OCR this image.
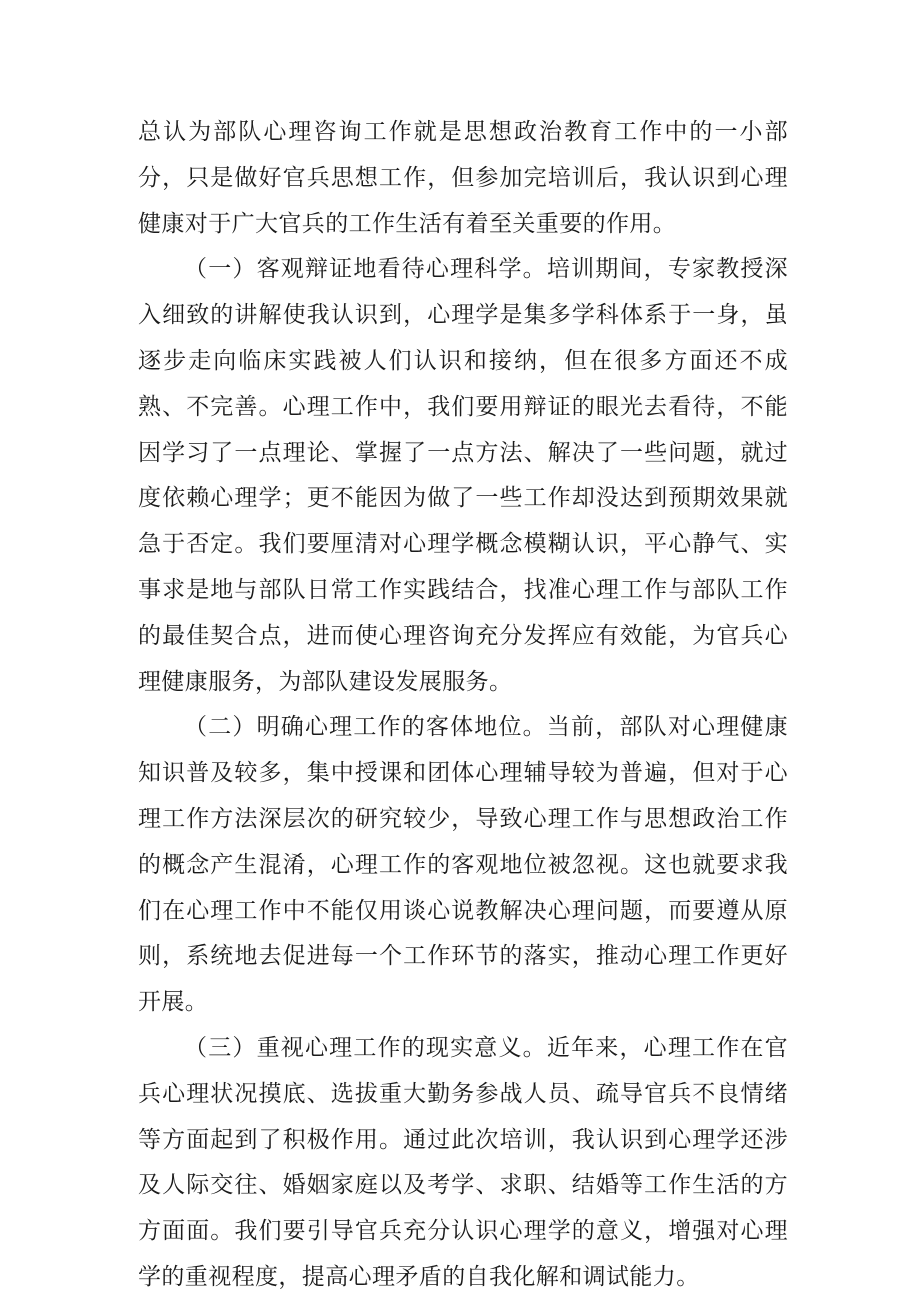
总认为部队心理咨询工作就是思想政治教育工作中的一小部分，只是做好官兵思想工作，但参加完培训后，我认识到心理健康对于广大官兵的工作生活有着至关重要的作用。

（一）客观辩证地看待心理科学。培训期间，专家教授深入细致的讲解使我认识到，心理学是集多学科体系于一身，虽逐步走向临床实践被人们认识和接纳，但在很多方面还不成熟、不完善。心理工作中，我们要用辩证的眼光去看待，不能因学习了一点理论、掌握了一点方法、解决了一些问题，就过度依赖心理学；更不能因为做了一些工作却没达到预期效果就急于否定。我们要厘清对心理学概念模糊认识，平心静气、实事求是地与部队日常工作实践结合，找准心理工作与部队工作的最佳契合点，进而使心理咨询充分发挥应有效能，为官兵心理健康服务，为部队建设发展服务。

（二）明确心理工作的客体地位。当前，部队对心理健康知识普及较多，集中授课和团体心理辅导较为普遍，但对于心理工作方法深层次的研究较少，导致心理工作与思想政治工作的概念产生混淆，心理工作的客观地位被忽视。这也就要求我们在心理工作中不能仅用谈心说教解决心理问题，而要遵从原则，系统地去促进每一个工作环节的落实，推动心理工作更好开展。

（三）重视心理工作的现实意义。近年来，心理工作在官兵心理状况摸底、选拔重大勤务参战人员、疏导官兵不良情绪等方面起到了积极作用。通过此次培训，我认识到心理学还涉及人际交往、婚姻家庭以及考学、求职、结婚等工作生活的方方面面。我们要引导官兵充分认识心理学的意义，增强对心理学的重视程度，提高心理矛盾的自我化解和调试能力。
